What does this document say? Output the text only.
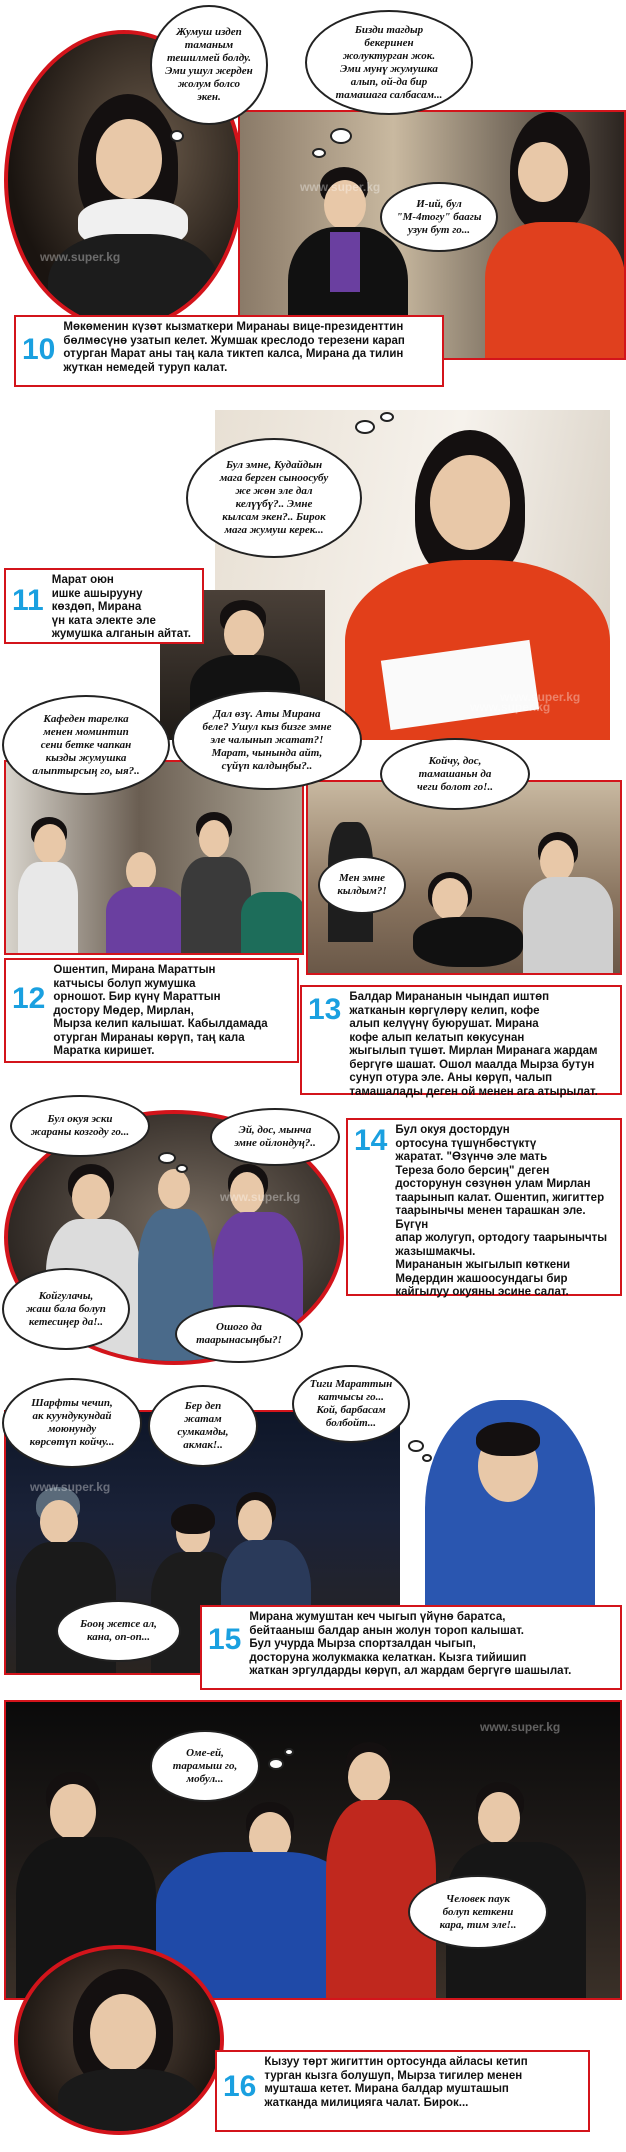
www.super.kg
www.super.kg
Жумуш издеп
таманым
тешилмей болду.
Эми ушул жерден
жолум болсо
экен.
Бизди тагдыр
бекеринен
жолуктурган жок.
Эми мунү жумушка
алып, ой-да бир
тамашага салбасам...
И-ий, бул
"М-4тогу" баагы
узун бут го...
10
Мөкөменин күзөт кызматкери Миранаы вице-президенттин
бөлмөсүнө узатып келет. Жумшак креслодо терезени карап
отурган Марат аны таң кала тиктеп калса, Мирана да тилин
жуткан немедей туруп калат.
www.super.kg
Бул эмне, Кудайдын
мага берген сыноосубу
же жөн эле дал
келүүбү?.. Эмне
кылсам экен?.. Бирок
мага жумуш керек...
11
Марат оюн
ишке ашырууну
көздөп, Мирана
үн ката электе эле
жумушка алганын айтат.
www.super.kg
Кафеден тарелка
менен моминтип
сени бетке чапкан
кызды жумушка
алыптырсың го, ыя?..
Дал өзү. Аты Мирана
беле? Ушул кыз бизге эмне
эле чалынып жатат?!
Марат, чынында айт,
сүйүп калдыңбы?..	Койчу, дос,
тамашаньн да
чеги болот го!..
Мен эмне
кылдым?!
12
Ошентип, Мирана Мараттын
катчысы болуп жумушка
орношот. Бир күнү Мараттын
достору Мөдер, Мирлан,
Мырза келип калышат. Кабылдамада
отурган Миранаы көрүп, таң кала
Маратка киришет.
13 Балдар Мирананын чындап иштөп
жатканын көргүлөрү келип, кофе
алып келүүнү буюрушат. Мирана
кофе алып келатып көкусунан
жыгылып түшөт. Мирлан Миранага жардам
бергүгө шашат. Ошол маалда Мырза бутун
сунуп отура эле. Аны көрүп, чалып
тамашалады деген ой менен ага атырылат.
www.super.kg
Бул окуя эски
жараны козгоду го...	Эй, дос, мынча
эмне ойлондуң?..
Койгулачы,
жаш бала болуп
кетесиңер да!..	Ошого да
таарынасыңбы?!
14 Бул окуя достордун
ортосуна түшүнбөстүктү
жаратат. "Өзүнчө эле мать
Тереза боло берсиң" деген
досторунун сөзүнөн улам Мирлан
таарынып калат. Ошентип, жигиттер
таарынычы менен тарашкан эле. Бүгүн
апар жолугуп, ортодогу таарынычты
жазышмакчы.
Мирананын жыгылып көткени
Мөдердин жашоосундагы бир
кайгылуу окуяны эсине салат.
www.super.kg
Шарфты чечип,
ак куундукундай
моюнунду
көрсөтүп койчу...
Бер деп
жатам
сумкамды,
акмак!..
Тиги Мараттын
катчысы го...
Кой, барбасам
болбойт...
Бооң жетсе ал,
кана, оп-оп...	15
Мирана жумуштан кеч чыгып үйүнө баратса,
бейтааныш балдар анын жолун тороп калышат.
Бул учурда Мырза спортзалдан чыгып,
досторуна жолукмакка келаткан. Кызга тийишип
жаткан эргулдарды көрүп, ал жардам бергүгө шашылат.
www.super.kg
Оме-ей,
тарамыш го,
мобул...
Человек паук
болуп кеткени
кара, тим эле!..
16
Кызуу төрт жигиттин ортосунда айласы кетип
турган кызга болушуп, Мырза тигилер менен
мушташа кетет. Мирана балдар мушташып
жатканда милицияга чалат. Бирок...
